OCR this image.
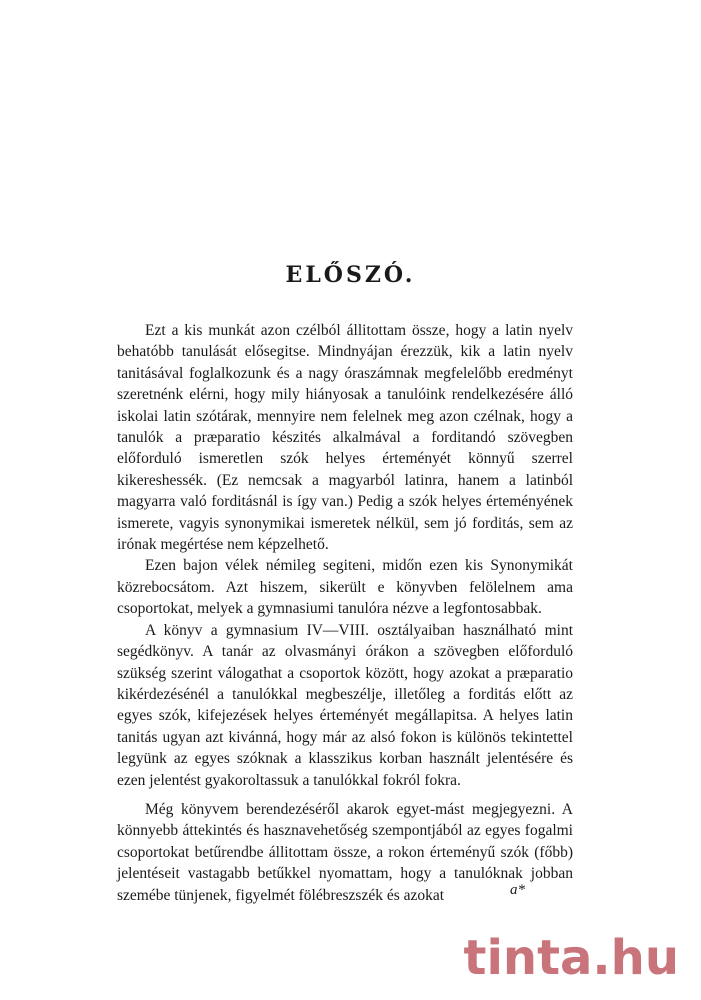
ELŐSZÓ.

Ezt a kis munkát azon czélból állitottam össze, hogy a latin nyelv behatóbb tanulását elősegitse. Mindnyájan érezzük, kik a latin nyelv tanitásával foglalkozunk és a nagy óraszámnak megfelelőbb eredményt szeretnénk elérni, hogy mily hiányosak a tanulóink rendelkezésére álló iskolai latin szótárak, mennyire nem felelnek meg azon czélnak, hogy a tanulók a præparatio készités alkalmával a forditandó szövegben előforduló ismeretlen szók helyes érteményét könnyű szerrel kikereshessék. (Ez nemcsak a magyarból latinra, hanem a latinból magyarra való forditásnál is így van.) Pedig a szók helyes érteményének ismerete, vagyis synonymikai ismeretek nélkül, sem jó forditás, sem az irónak megértése nem képzelhető.

Ezen bajon vélek némileg segiteni, midőn ezen kis Synonymikát közrebocsátom. Azt hiszem, sikerült e könyvben felölelnem ama csoportokat, melyek a gymnasiumi tanulóra nézve a legfontosabbak.

A könyv a gymnasium IV—VIII. osztályaiban használható mint segédkönyv. A tanár az olvasmányi órákon a szövegben előforduló szükség szerint válogathat a csoportok között, hogy azokat a præparatio kikérdezésénél a tanulókkal megbeszélje, illetőleg a forditás előtt az egyes szók, kifejezések helyes érteményét megállapitsa. A helyes latin tanitás ugyan azt kivánná, hogy már az alsó fokon is különös tekintettel legyünk az egyes szóknak a klasszikus korban használt jelentésére és ezen jelentést gyakoroltassuk a tanulókkal fokról fokra.

Még könyvem berendezéséről akarok egyet-mást megjegyezni. A könnyebb áttekintés és hasznavehetőség szempontjából az egyes fogalmi csoportokat betűrendbe állitottam össze, a rokon érteményű szók (főbb) jelentéseit vastagabb betűkkel nyomattam, hogy a tanulóknak jobban szemébe tünjenek, figyelmét fölébreszszék és azokat	a*
tinta.hu
